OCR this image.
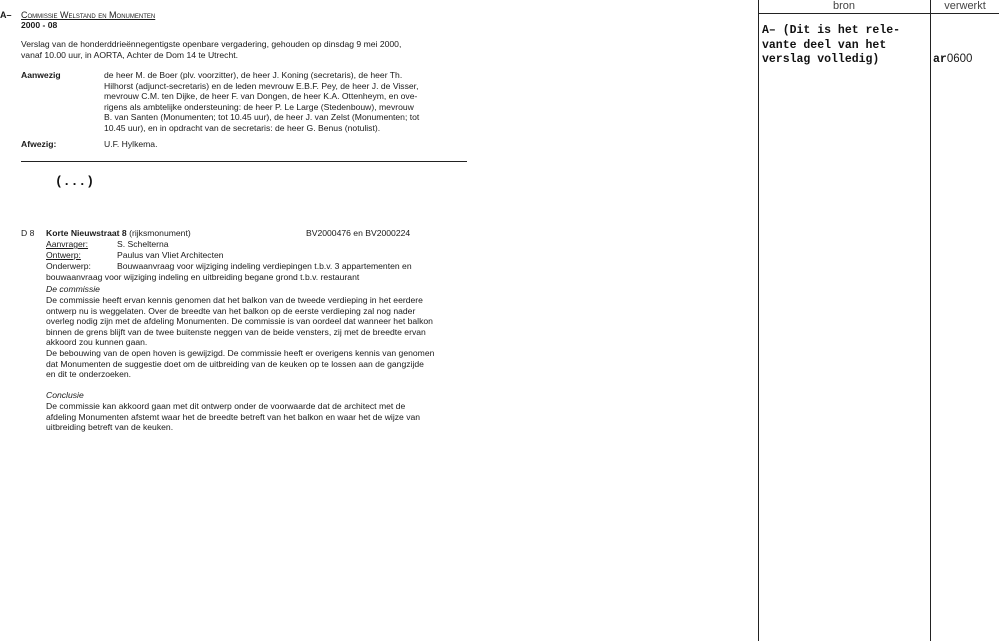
A– Commissie Welstand en Monumenten
2000 - 08
Verslag van de honderddrieënnegentigste openbare vergadering, gehouden op dinsdag 9 mei 2000,
vanaf 10.00 uur, in AORTA, Achter de Dom 14 te Utrecht.
Aanwezig	de heer M. de Boer (plv. voorzitter), de heer J. Koning (secretaris), de heer Th.
Hilhorst (adjunct-secretaris) en de leden mevrouw E.B.F. Pey, de heer J. de Visser,
mevrouw C.M. ten Dijke, de heer F. van Dongen, de heer K.A. Ottenheym, en ove-
rigens als ambtelijke ondersteuning: de heer P. Le Large (Stedenbouw), mevrouw
B. van Santen (Monumenten; tot 10.45 uur), de heer J. van Zelst (Monumenten; tot
10.45 uur), en in opdracht van de secretaris: de heer G. Benus (notulist).
Afwezig:	U.F. Hylkema.
(...)
D 8 Korte Nieuwstraat 8 (rijksmonument)	BV2000476 en BV2000224
Aanvrager:	S. Schelterna
Ontwerp:	Paulus van Vliet Architecten
Onderwerp:	Bouwaanvraag voor wijziging indeling verdiepingen t.b.v. 3 appartementen en
bouwaanvraag voor wijziging indeling en uitbreiding begane grond t.b.v. restaurant
De commissie
De commissie heeft ervan kennis genomen dat het balkon van de tweede verdieping in het eerdere
ontwerp nu is weggelaten. Over de breedte van het balkon op de eerste verdieping zal nog nader
overleg nodig zijn met de afdeling Monumenten. De commissie is van oordeel dat wanneer het balkon
binnen de grens blijft van de twee buitenste neggen van de beide vensters, zij met de breedte ervan
akkoord zou kunnen gaan.
De bebouwing van de open hoven is gewijzigd. De commissie heeft er overigens kennis van genomen
dat Monumenten de suggestie doet om de uitbreiding van de keuken op te lossen aan de gangzijde
en dit te onderzoeken.
Conclusie
De commissie kan akkoord gaan met dit ontwerp onder de voorwaarde dat de architect met de
afdeling Monumenten afstemt waar het de breedte betreft van het balkon en waar het de wijze van
uitbreiding betreft van de keuken.
bron	verwerkt
A– (Dit is het rele-
vante deel van het
verslag volledig)	ar0600
